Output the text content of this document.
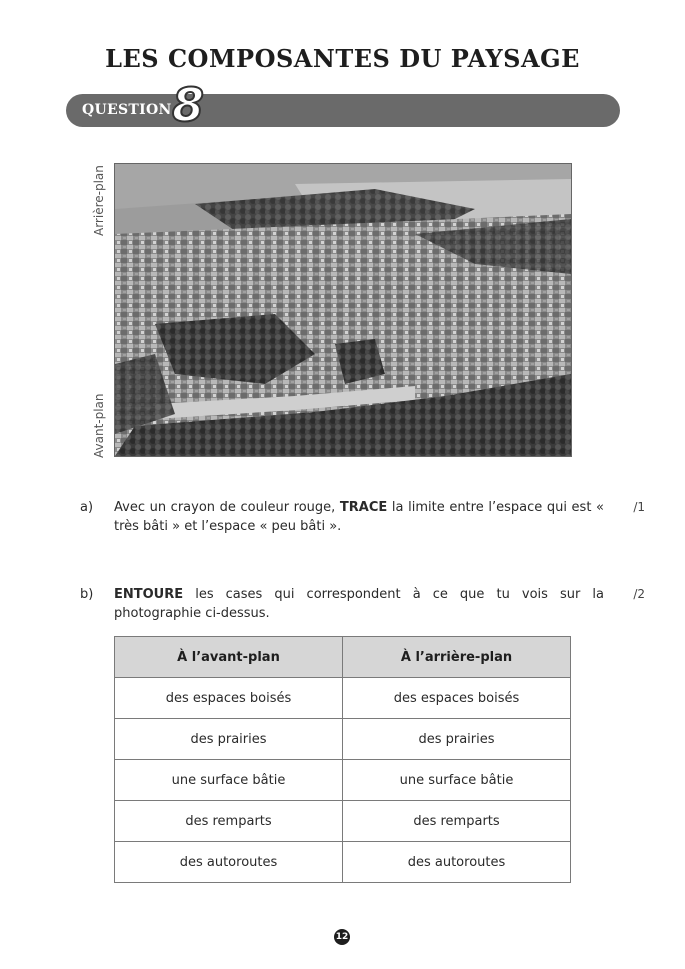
LES COMPOSANTES DU PAYSAGE
QUESTION 8
Arrière-plan
Avant-plan
a) Avec un crayon de couleur rouge, TRACE la limite entre l’espace qui est « très bâti » et l’espace « peu bâti ».
/1
b) ENTOURE les cases qui correspondent à ce que tu vois sur la photographie ci-dessus.
/2
À l’avant-plan	À l’arrière-plan
des espaces boisés	des espaces boisés
des prairies	des prairies
une surface bâtie	une surface bâtie
des remparts	des remparts
des autoroutes	des autoroutes
12
